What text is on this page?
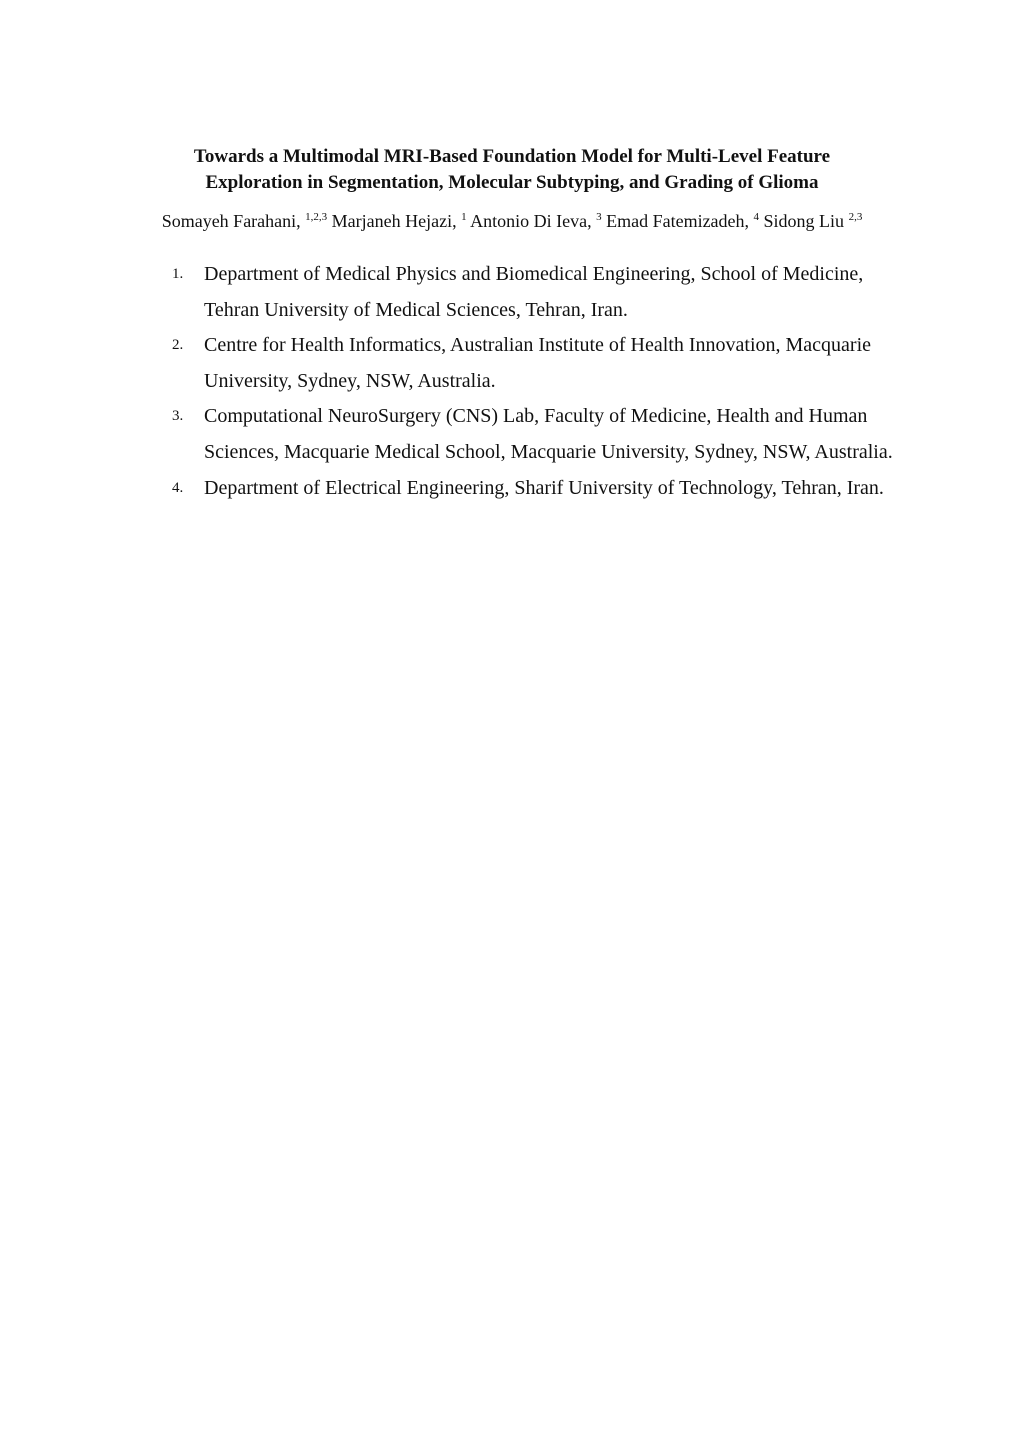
Towards a Multimodal MRI-Based Foundation Model for Multi-Level Feature
Exploration in Segmentation, Molecular Subtyping, and Grading of Glioma
Somayeh Farahani, $^{1,2,3}$ Marjaneh Hejazi, $^1$ Antonio Di Ieva, $^3$ Emad Fatemizadeh, $^4$ Sidong Liu $^{2,3}$
1. Department of Medical Physics and Biomedical Engineering, School of Medicine, Tehran University of Medical Sciences, Tehran, Iran.
2. Centre for Health Informatics, Australian Institute of Health Innovation, Macquarie University, Sydney, NSW, Australia.
3. Computational NeuroSurgery (CNS) Lab, Faculty of Medicine, Health and Human Sciences, Macquarie Medical School, Macquarie University, Sydney, NSW, Australia.
4. Department of Electrical Engineering, Sharif University of Technology, Tehran, Iran.
